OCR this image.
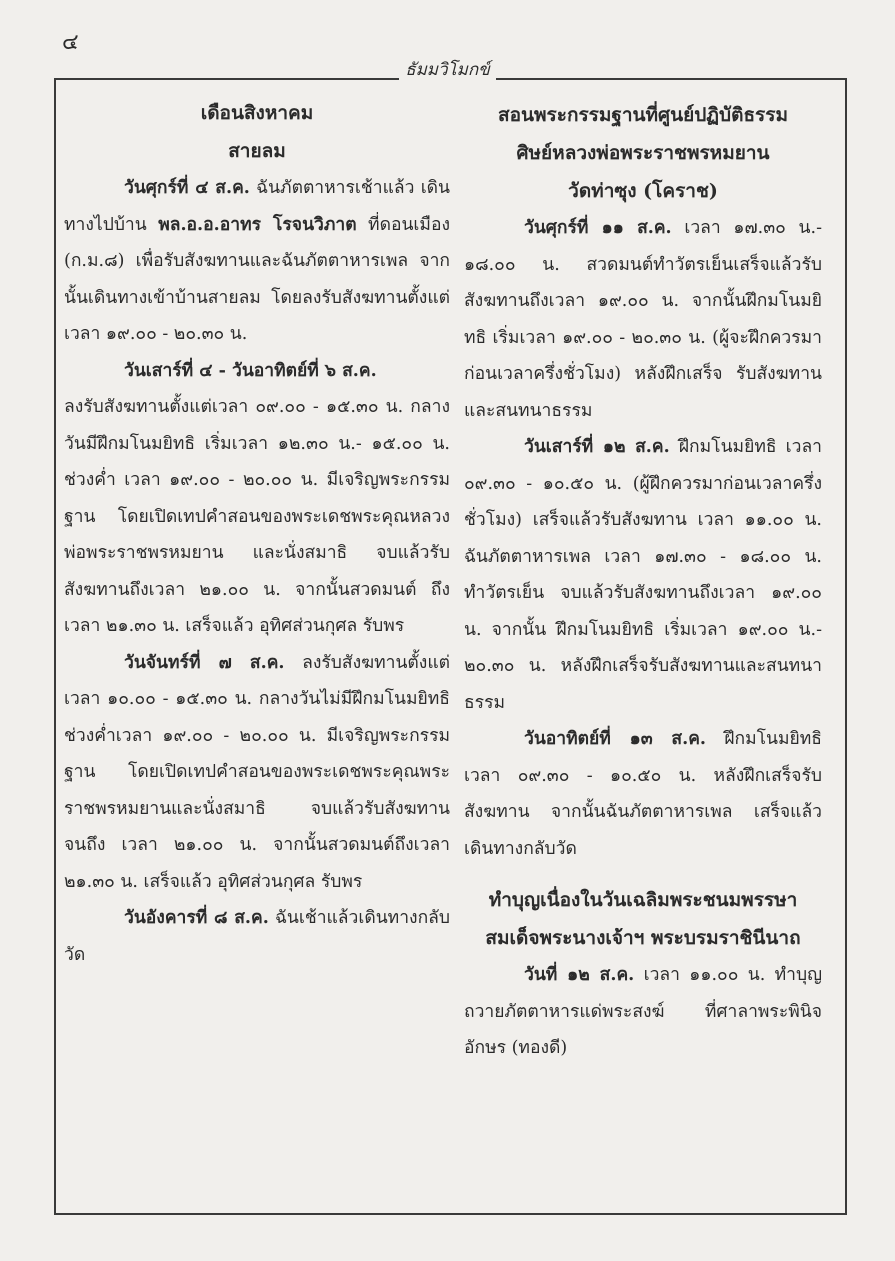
๔
ธัมมวิโมกข์
เดือนสิงหาคม
สายลม

วันศุกร์ที่ ๔ ส.ค. ฉันภัตตาหารเช้าแล้ว เดินทางไปบ้าน พล.อ.อ.อาทร โรจนวิภาต ที่ดอนเมือง (ก.ม.๘) เพื่อรับสังฆทานและฉันภัตตาหารเพล จากนั้นเดินทางเข้าบ้านสายลม โดยลงรับสังฆทานตั้งแต่เวลา ๑๙.๐๐ - ๒๐.๓๐ น.

วันเสาร์ที่ ๔ - วันอาทิตย์ที่ ๖ ส.ค.
ลงรับสังฆทานตั้งแต่เวลา ๐๙.๐๐ - ๑๕.๓๐ น. กลางวันมีฝึกมโนมยิทธิ เริ่มเวลา ๑๒.๓๐ น.- ๑๕.๐๐ น. ช่วงค่ำ เวลา ๑๙.๐๐ - ๒๐.๐๐ น. มีเจริญพระกรรมฐาน โดยเปิดเทปคำสอนของพระเดชพระคุณหลวงพ่อพระราชพรหมยาน และนั่งสมาธิ จบแล้วรับสังฆทานถึงเวลา ๒๑.๐๐ น. จากนั้นสวดมนต์ ถึงเวลา ๒๑.๓๐ น. เสร็จแล้ว อุทิศส่วนกุศล รับพร

วันจันทร์ที่ ๗ ส.ค. ลงรับสังฆทานตั้งแต่เวลา ๑๐.๐๐ - ๑๕.๓๐ น. กลางวันไม่มีฝึกมโนมยิทธิ ช่วงค่ำเวลา ๑๙.๐๐ - ๒๐.๐๐ น. มีเจริญพระกรรมฐาน โดยเปิดเทปคำสอนของพระเดชพระคุณพระราชพรหมยานและนั่งสมาธิ จบแล้วรับสังฆทานจนถึง เวลา ๒๑.๐๐ น. จากนั้นสวดมนต์ถึงเวลา ๒๑.๓๐ น. เสร็จแล้ว อุทิศส่วนกุศล รับพร

วันอังคารที่ ๘ ส.ค. ฉันเช้าแล้วเดินทางกลับวัด

สอนพระกรรมฐานที่ศูนย์ปฏิบัติธรรม
ศิษย์หลวงพ่อพระราชพรหมยาน
วัดท่าซุง (โคราช)

วันศุกร์ที่ ๑๑ ส.ค. เวลา ๑๗.๓๐ น.- ๑๘.๐๐ น. สวดมนต์ทำวัตรเย็นเสร็จแล้วรับสังฆทานถึงเวลา ๑๙.๐๐ น. จากนั้นฝึกมโนมยิทธิ เริ่มเวลา ๑๙.๐๐ - ๒๐.๓๐ น. (ผู้จะฝึกควรมาก่อนเวลาครึ่งชั่วโมง) หลังฝึกเสร็จ รับสังฆทานและสนทนาธรรม

วันเสาร์ที่ ๑๒ ส.ค. ฝึกมโนมยิทธิ เวลา ๐๙.๓๐ - ๑๐.๕๐ น. (ผู้ฝึกควรมาก่อนเวลาครึ่งชั่วโมง) เสร็จแล้วรับสังฆทาน เวลา ๑๑.๐๐ น. ฉันภัตตาหารเพล เวลา ๑๗.๓๐ - ๑๘.๐๐ น. ทำวัตรเย็น จบแล้วรับสังฆทานถึงเวลา ๑๙.๐๐ น. จากนั้น ฝึกมโนมยิทธิ เริ่มเวลา ๑๙.๐๐ น.- ๒๐.๓๐ น. หลังฝึกเสร็จรับสังฆทานและสนทนาธรรม

วันอาทิตย์ที่ ๑๓ ส.ค. ฝึกมโนมยิทธิ เวลา ๐๙.๓๐ - ๑๐.๕๐ น. หลังฝึกเสร็จรับสังฆทาน จากนั้นฉันภัตตาหารเพล เสร็จแล้ว เดินทางกลับวัด

ทำบุญเนื่องในวันเฉลิมพระชนมพรรษา
สมเด็จพระนางเจ้าฯ พระบรมราชินีนาถ

วันที่ ๑๒ ส.ค. เวลา ๑๑.๐๐ น. ทำบุญถวายภัตตาหารแด่พระสงฆ์ ที่ศาลาพระพินิจอักษร (ทองดี)
